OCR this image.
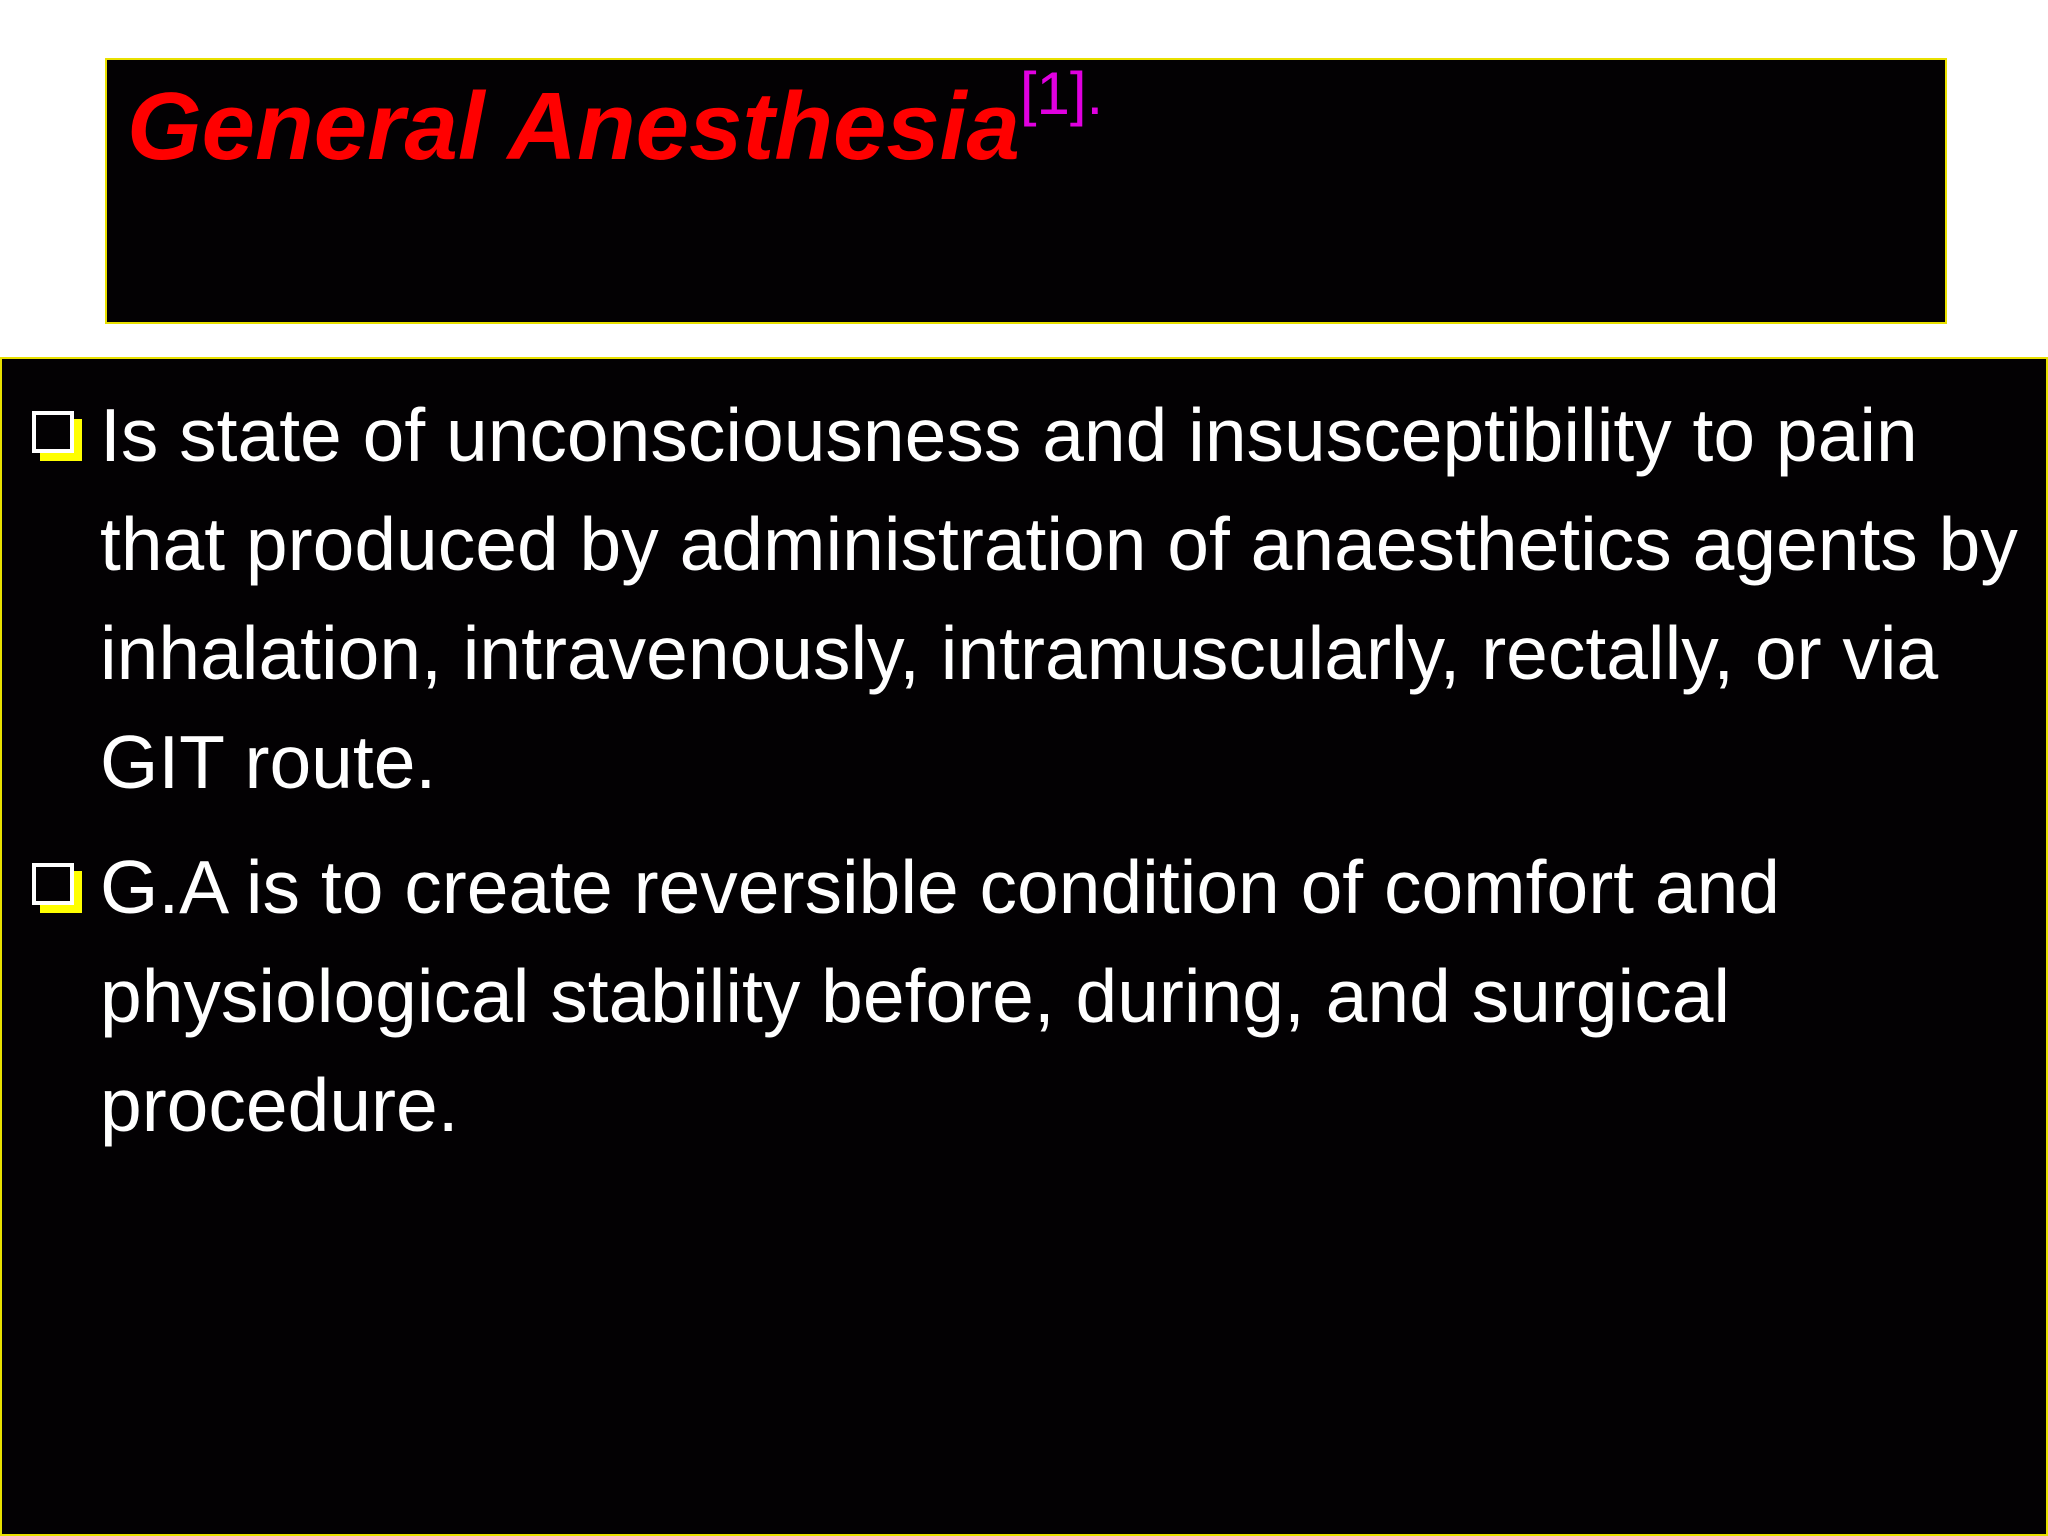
General Anesthesia$^{[1].}$
Is state of unconsciousness and insusceptibility to pain that produced by administration of anaesthetics agents by inhalation, intravenously, intramuscularly, rectally, or via GIT route.
G.A is to create reversible condition of comfort and physiological stability before, during, and surgical procedure.
